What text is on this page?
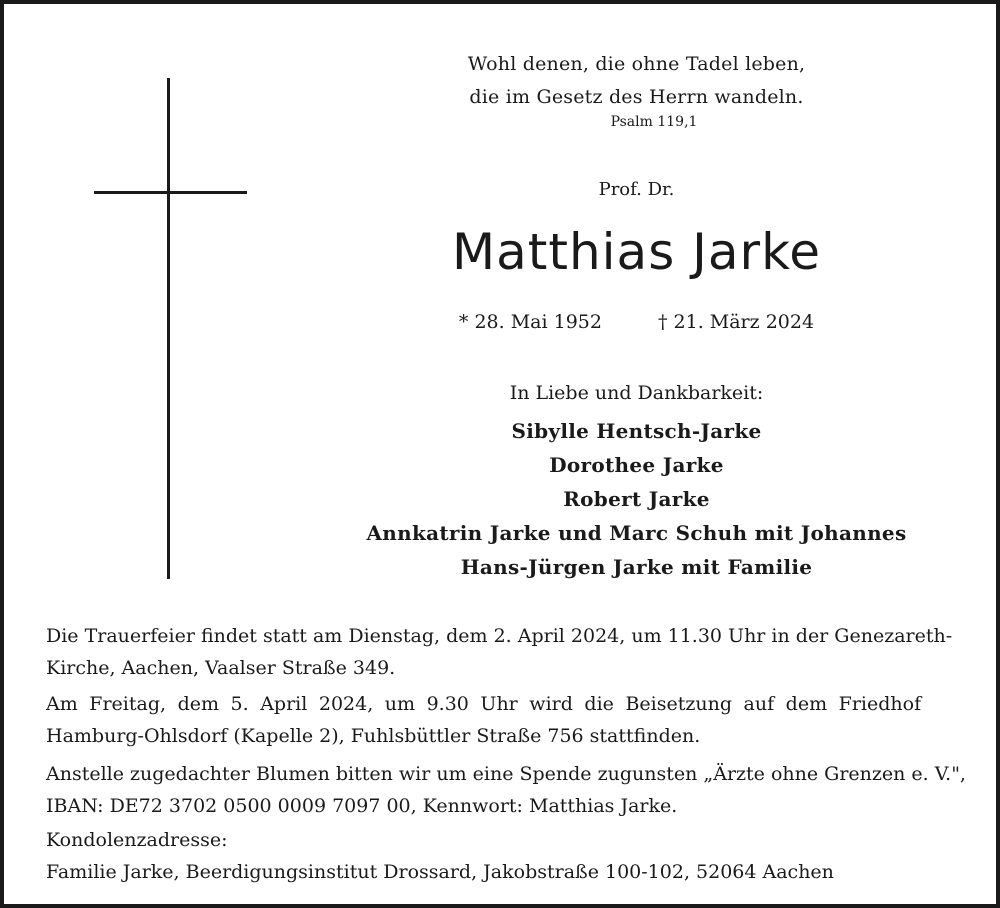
Wohl denen, die ohne Tadel leben,
die im Gesetz des Herrn wandeln.
Psalm 119,1
Prof. Dr.
Matthias Jarke
* 28. Mai 1952	† 21. März 2024
In Liebe und Dankbarkeit:
Sibylle Hentsch-Jarke
Dorothee Jarke
Robert Jarke
Annkatrin Jarke und Marc Schuh mit Johannes
Hans-Jürgen Jarke mit Familie
Die Trauerfeier findet statt am Dienstag, dem 2. April 2024, um 11.30 Uhr in der Genezareth-
Kirche, Aachen, Vaalser Straße 349.
Am Freitag, dem 5. April 2024, um 9.30 Uhr wird die Beisetzung auf dem Friedhof
Hamburg-Ohlsdorf (Kapelle 2), Fuhlsbüttler Straße 756 stattfinden.
Anstelle zugedachter Blumen bitten wir um eine Spende zugunsten „Ärzte ohne Grenzen e. V.",
IBAN: DE72 3702 0500 0009 7097 00, Kennwort: Matthias Jarke.
Kondolenzadresse:
Familie Jarke, Beerdigungsinstitut Drossard, Jakobstraße 100-102, 52064 Aachen
